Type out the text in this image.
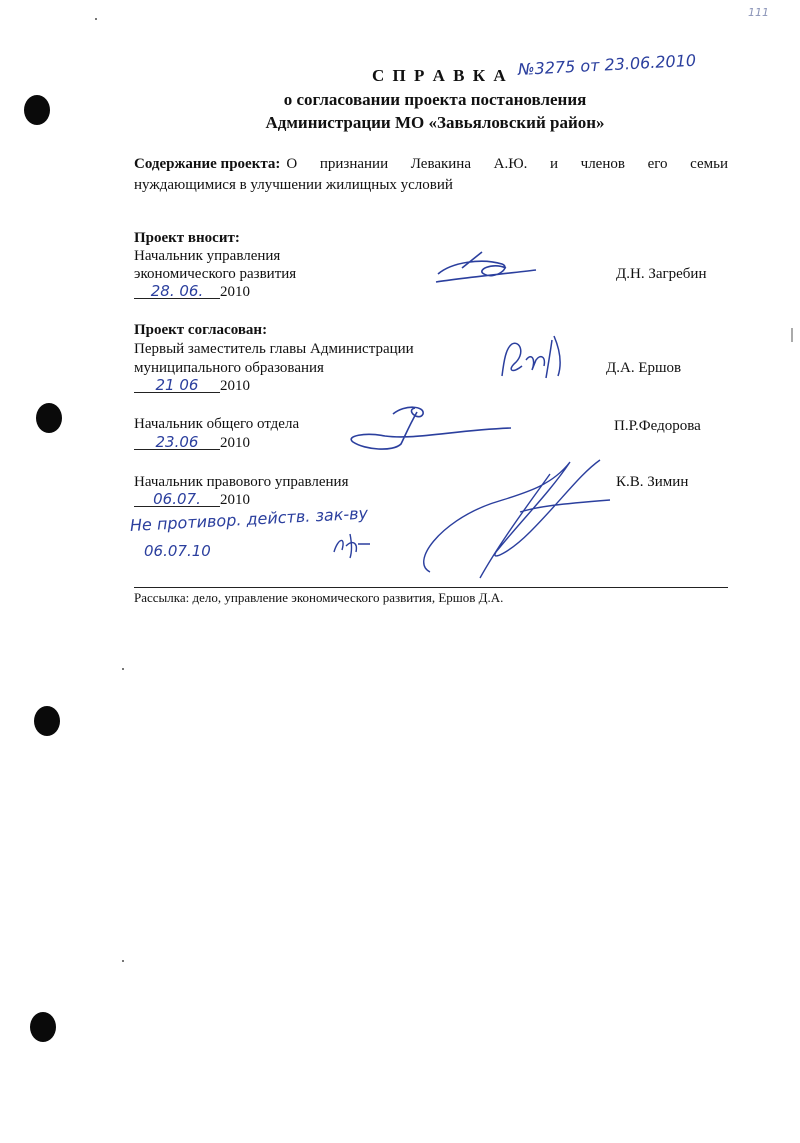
111
С П Р А В К А №3275 от 23.06.2010
о согласовании проекта постановления
Администрации МО «Завьяловский район»
Содержание проекта: О признании Левакина А.Ю. и членов его семьи
нуждающимися в улучшении жилищных условий
Проект вносит:
Начальник управления
экономического развития	Д.Н. Загребин
28. 06. 2010
Проект согласован:
Первый заместитель главы Администрации
муниципального образования	Д.А. Ершов
21 06 2010
Начальник общего отдела	П.Р.Федорова
23.06 2010
Начальник правового управления	К.В. Зимин
06.07. 2010
Не противор. действ. зак-ву
06.07.10
Рассылка: дело, управление экономического развития, Ершов Д.А.
